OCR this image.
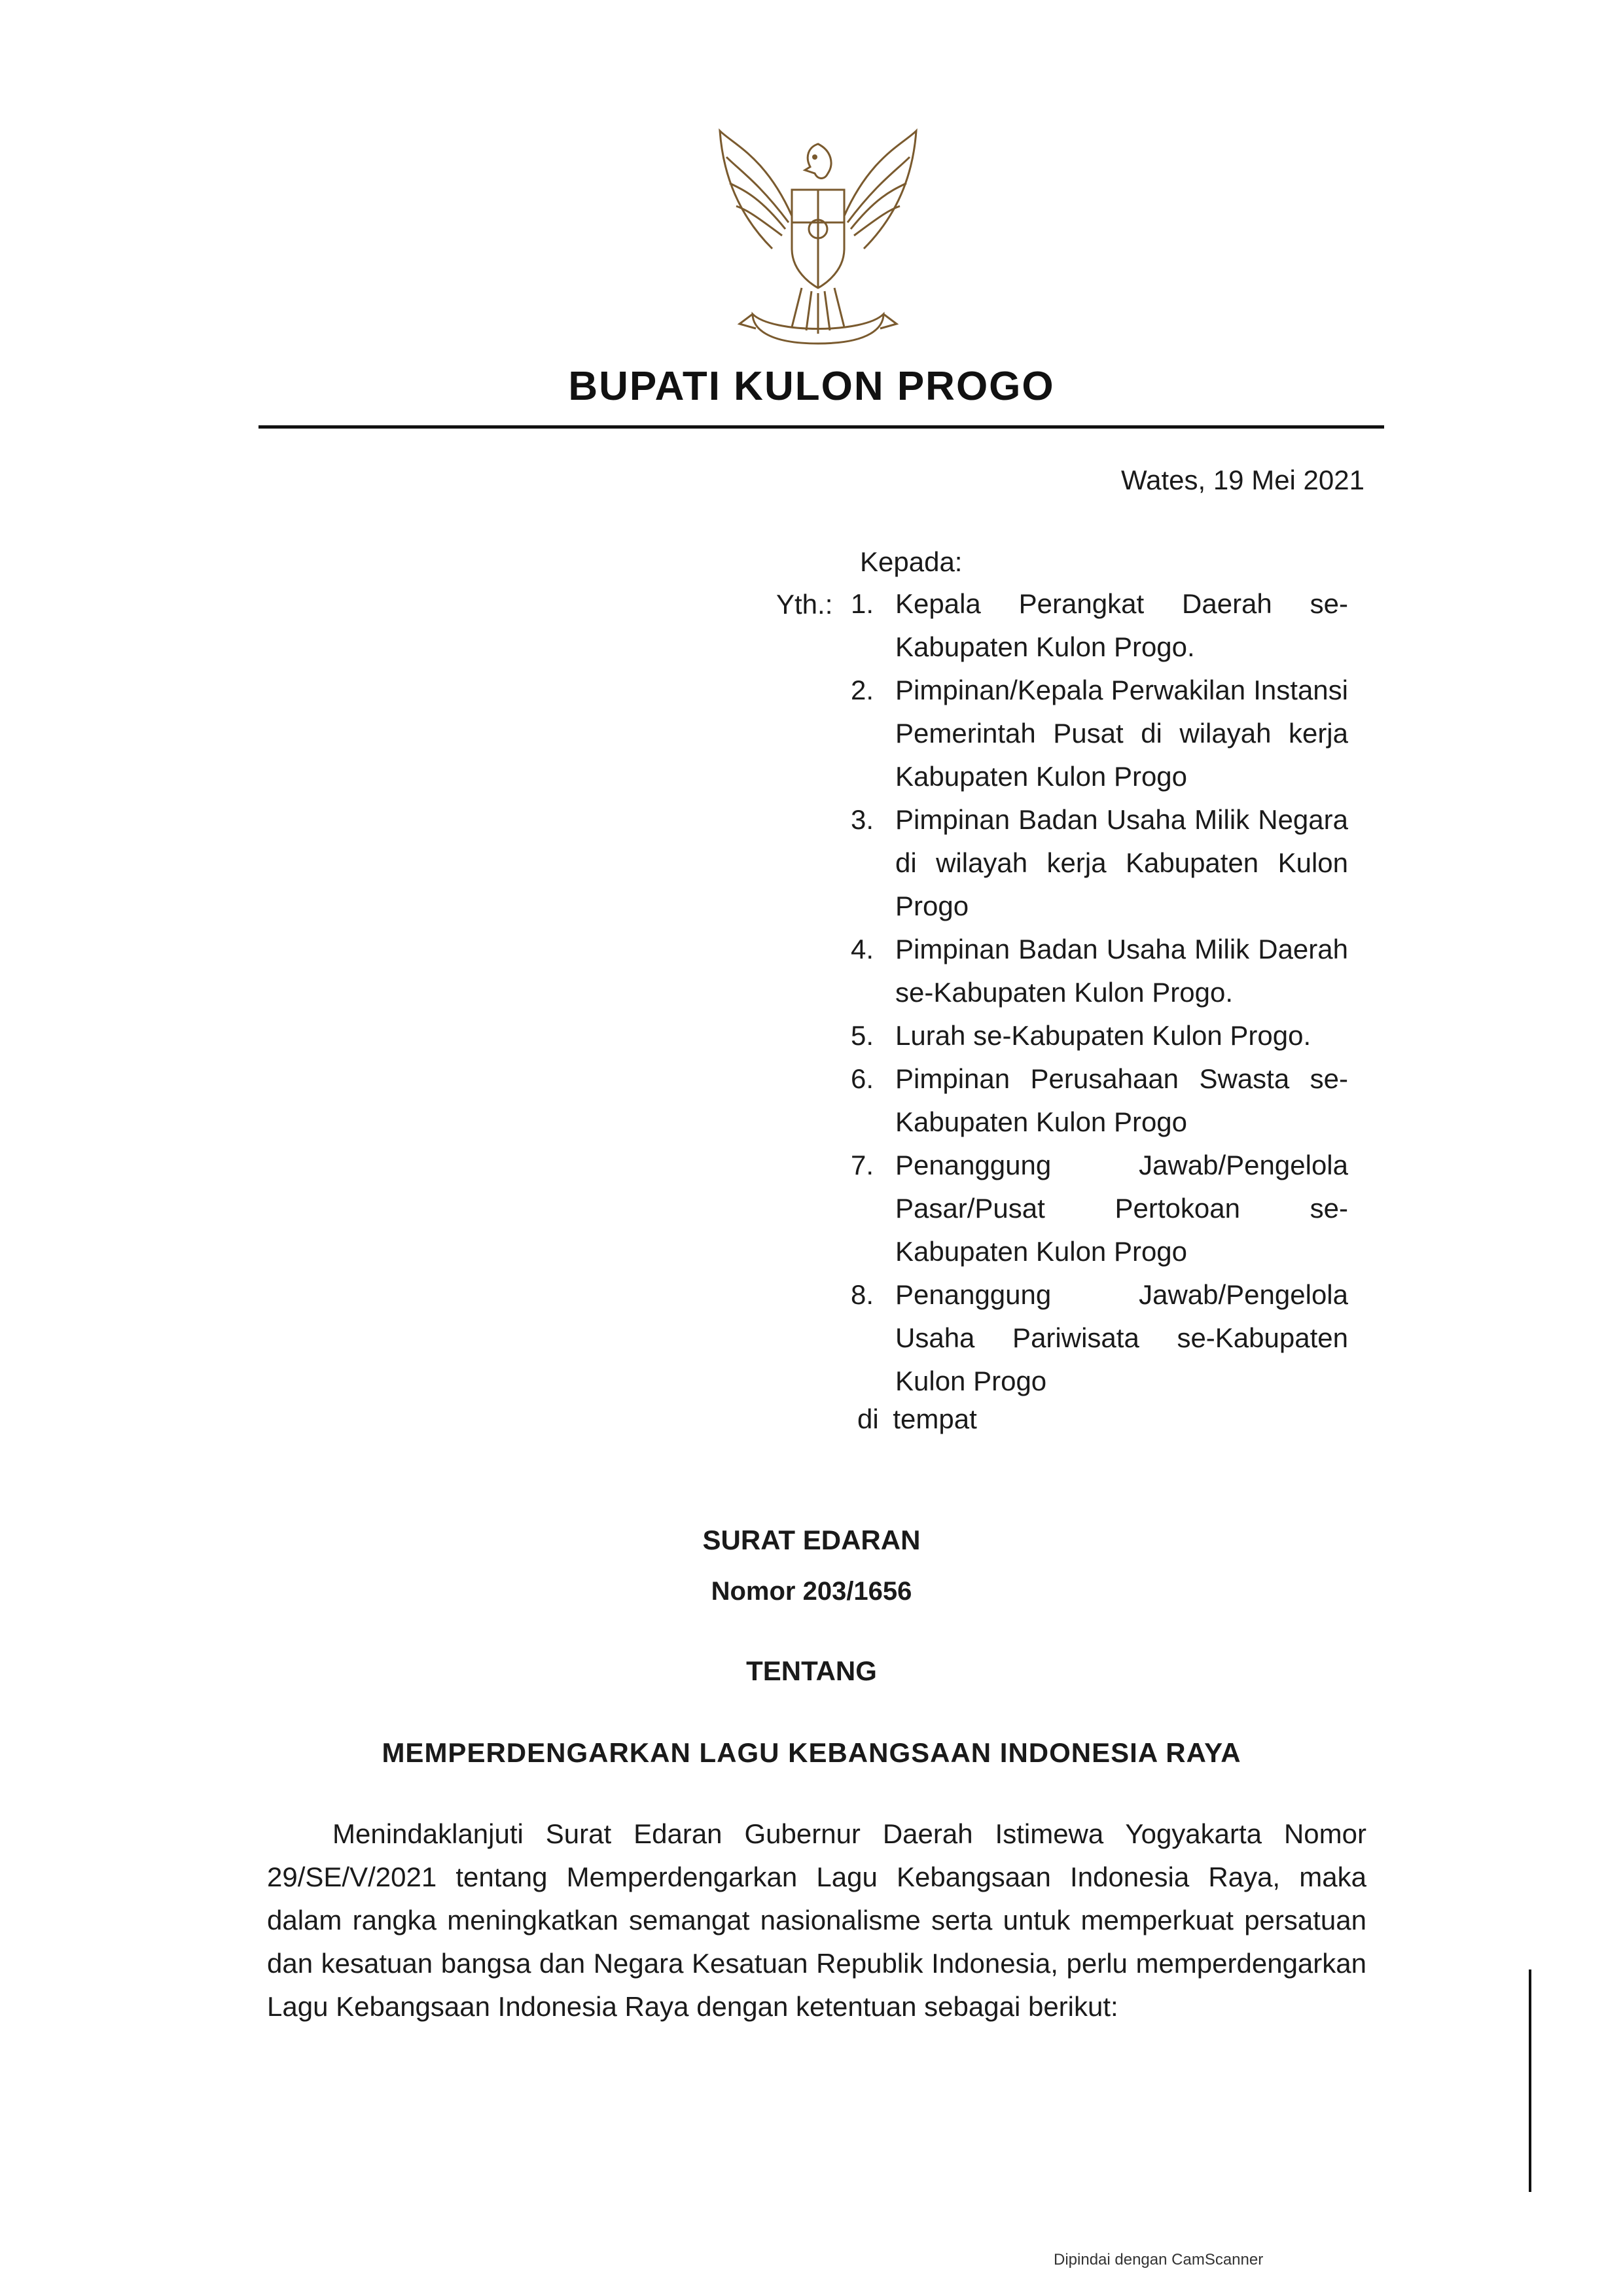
BUPATI KULON PROGO
Wates, 19 Mei 2021
Kepada:
Yth.: 1. Kepala Perangkat Daerah se-Kabupaten Kulon Progo.
2. Pimpinan/Kepala Perwakilan Instansi Pemerintah Pusat di wilayah kerja Kabupaten Kulon Progo
3. Pimpinan Badan Usaha Milik Negara di wilayah kerja Kabupaten Kulon Progo
4. Pimpinan Badan Usaha Milik Daerah se-Kabupaten Kulon Progo.
5. Lurah se-Kabupaten Kulon Progo.
6. Pimpinan Perusahaan Swasta se-Kabupaten Kulon Progo
7. Penanggung Jawab/Pengelola Pasar/Pusat Pertokoan se-Kabupaten Kulon Progo
8. Penanggung Jawab/Pengelola Usaha Pariwisata se-Kabupaten Kulon Progo
di tempat
SURAT EDARAN
Nomor 203/1656
TENTANG
MEMPERDENGARKAN LAGU KEBANGSAAN INDONESIA RAYA

Menindaklanjuti Surat Edaran Gubernur Daerah Istimewa Yogyakarta Nomor 29/SE/V/2021 tentang Memperdengarkan Lagu Kebangsaan Indonesia Raya, maka dalam rangka meningkatkan semangat nasionalisme serta untuk memperkuat persatuan dan kesatuan bangsa dan Negara Kesatuan Republik Indonesia, perlu memperdengarkan Lagu Kebangsaan Indonesia Raya dengan ketentuan sebagai berikut:

Dipindai dengan CamScanner
